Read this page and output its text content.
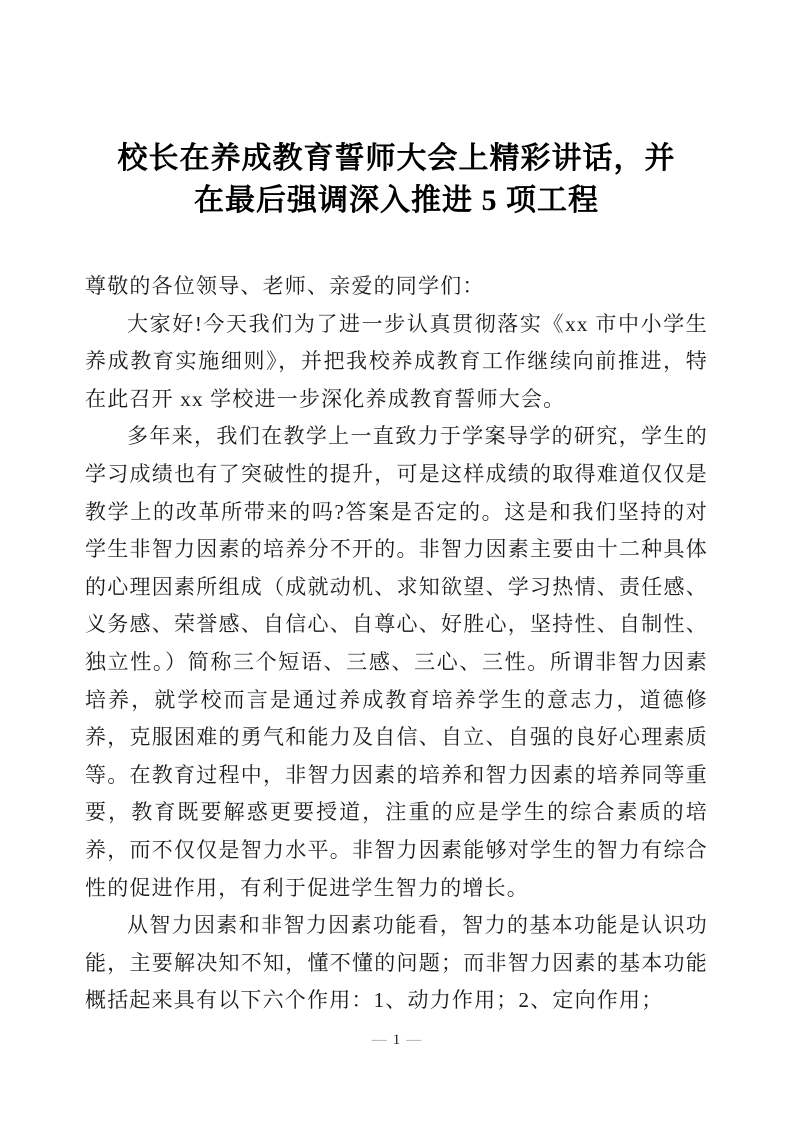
校长在养成教育誓师大会上精彩讲话，并
在最后强调深入推进 5 项工程

尊敬的各位领导、老师、亲爱的同学们：

大家好!今天我们为了进一步认真贯彻落实《xx 市中小学生养成教育实施细则》，并把我校养成教育工作继续向前推进，特在此召开 xx 学校进一步深化养成教育誓师大会。

多年来，我们在教学上一直致力于学案导学的研究，学生的学习成绩也有了突破性的提升，可是这样成绩的取得难道仅仅是教学上的改革所带来的吗?答案是否定的。这是和我们坚持的对学生非智力因素的培养分不开的。非智力因素主要由十二种具体的心理因素所组成（成就动机、求知欲望、学习热情、责任感、义务感、荣誉感、自信心、自尊心、好胜心，坚持性、自制性、独立性。）简称三个短语、三感、三心、三性。所谓非智力因素培养，就学校而言是通过养成教育培养学生的意志力，道德修养，克服困难的勇气和能力及自信、自立、自强的良好心理素质等。在教育过程中，非智力因素的培养和智力因素的培养同等重要，教育既要解惑更要授道，注重的应是学生的综合素质的培养，而不仅仅是智力水平。非智力因素能够对学生的智力有综合性的促进作用，有利于促进学生智力的增长。

从智力因素和非智力因素功能看，智力的基本功能是认识功能，主要解决知不知，懂不懂的问题；而非智力因素的基本功能概括起来具有以下六个作用：1、动力作用；2、定向作用；

— 1 —
